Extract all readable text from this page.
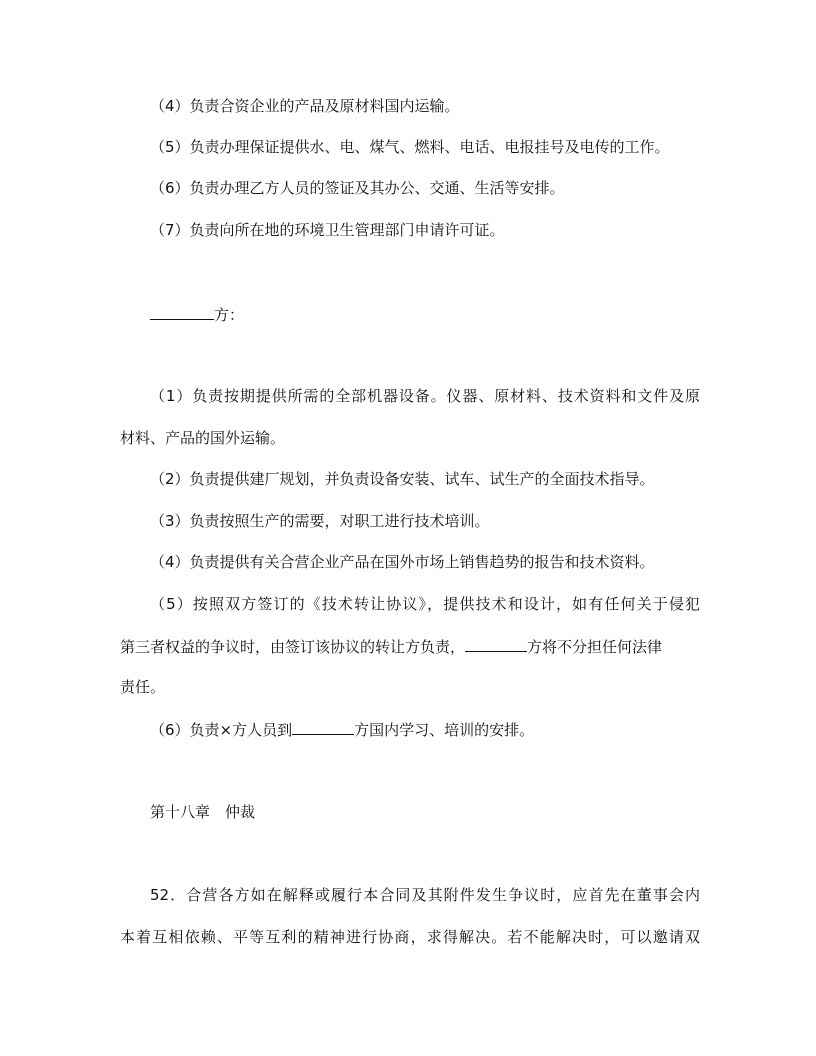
（4）负责合资企业的产品及原材料国内运输。
（5）负责办理保证提供水、电、煤气、燃料、电话、电报挂号及电传的工作。
（6）负责办理乙方人员的签证及其办公、交通、生活等安排。
（7）负责向所在地的环境卫生管理部门申请许可证。
方：
（1）负责按期提供所需的全部机器设备。仪器、原材料、技术资料和文件及原
材料、产品的国外运输。
（2）负责提供建厂规划，并负责设备安装、试车、试生产的全面技术指导。
（3）负责按照生产的需要，对职工进行技术培训。
（4）负责提供有关合营企业产品在国外市场上销售趋势的报告和技术资料。
（5）按照双方签订的《技术转让协议》，提供技术和设计，如有任何关于侵犯
第三者权益的争议时，由签订该协议的转让方负责，	方将不分担任何法律
责任。
（6）负责×方人员到	方国内学习、培训的安排。
第十八章　仲裁
52．合营各方如在解释或履行本合同及其附件发生争议时，应首先在董事会内
本着互相依赖、平等互利的精神进行协商，求得解决。若不能解决时，可以邀请双
